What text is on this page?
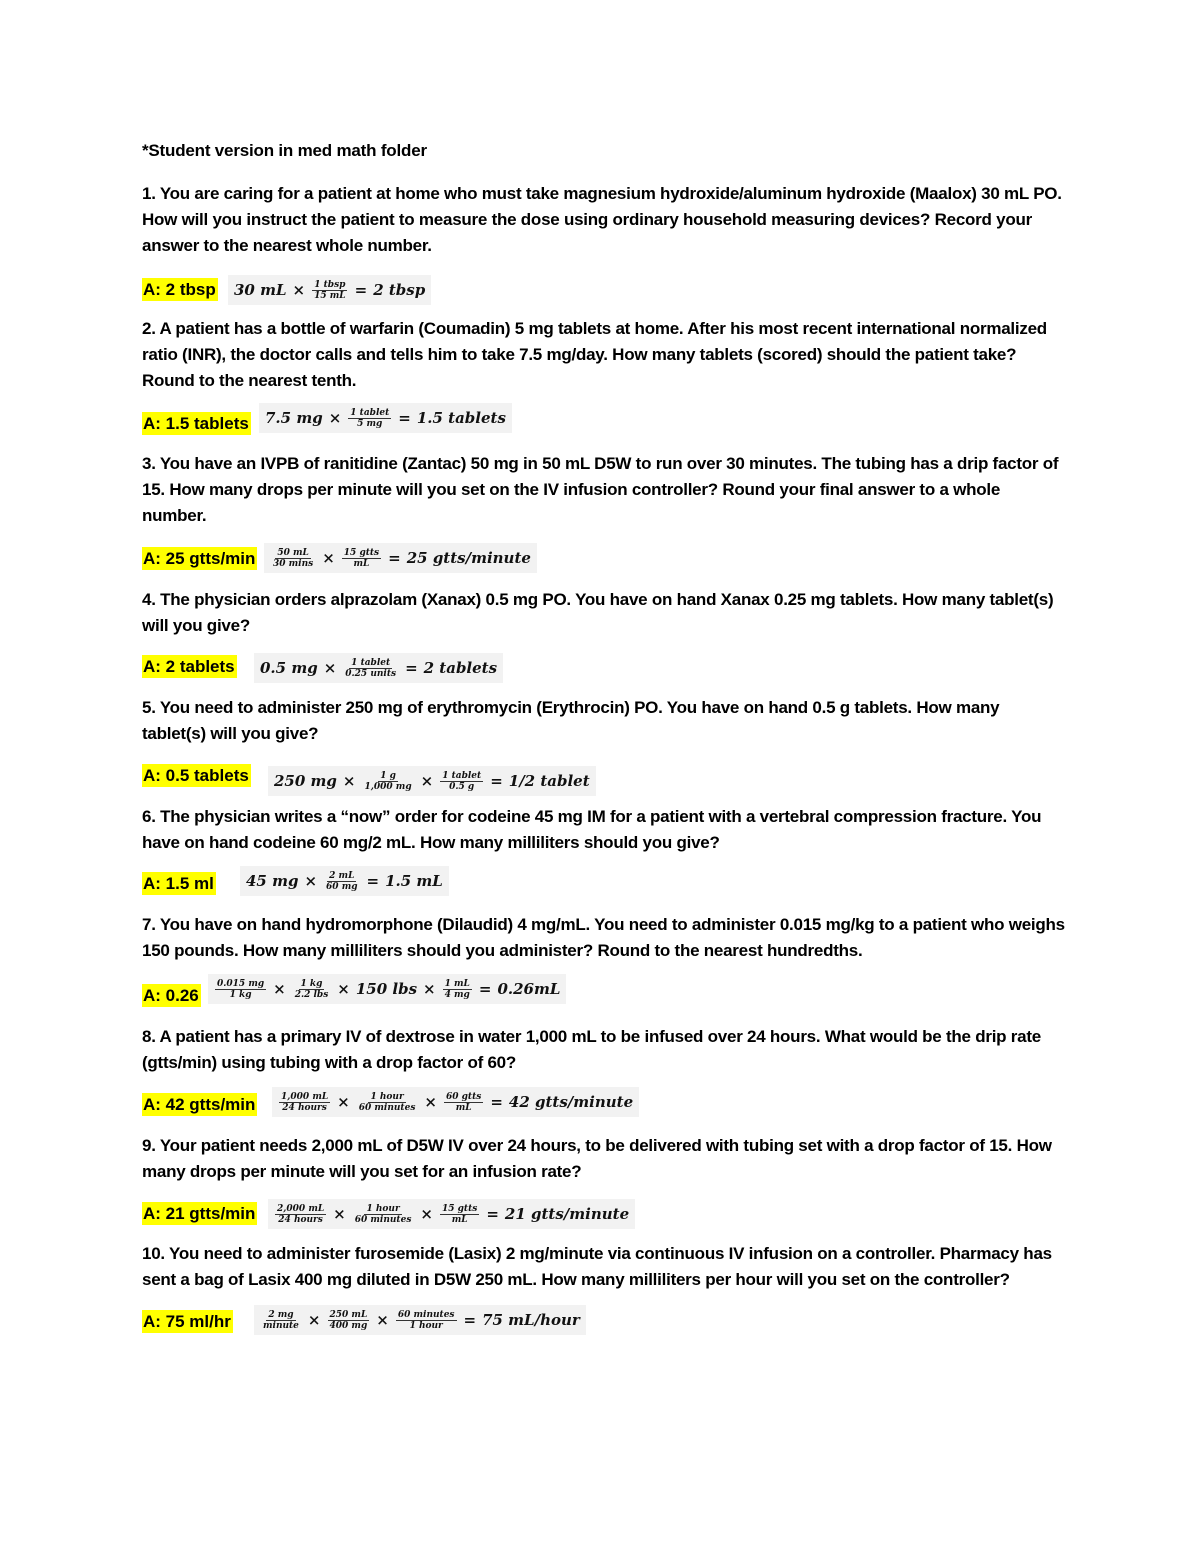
*Student version in med math folder
1. You are caring for a patient at home who must take magnesium hydroxide/aluminum hydroxide (Maalox) 30 mL PO. How will you instruct the patient to measure the dose using ordinary household measuring devices? Record your answer to the nearest whole number.
A: 2 tbsp 30 mL × $\frac{\text{1 tbsp}}{15 mL} = 2$ tbsp
2. A patient has a bottle of warfarin (Coumadin) 5 mg tablets at home. After his most recent international normalized ratio (INR), the doctor calls and tells him to take 7.5 mg/day. How many tablets (scored) should the patient take? Round to the nearest tenth.
A: 1.5 tablets 7.5 mg × $\frac{\text{1 tablet}}{5 mg} = 1.5$ tablets
3. You have an IVPB of ranitidine (Zantac) 50 mg in 50 mL D5W to run over 30 minutes. The tubing has a drip factor of 15. How many drops per minute will you set on the IV infusion controller? Round your final answer to a whole number.
A: 25 gtts/min $\frac{50 mL}{30 \min s} \times \frac{\text{15 gtts}}{mL} = 25$ gtts/minute
4. The physician orders alprazolam (Xanax) 0.5 mg PO. You have on hand Xanax 0.25 mg tablets. How many tablet(s) will you give?
A: 2 tablets 0.5 mg × $\frac{\text{1 tablet}}{\text{0.25 units}} = 2$ tablets
5. You need to administer 250 mg of erythromycin (Erythrocin) PO. You have on hand 0.5 g tablets. How many tablet(s) will you give?
A: 0.5 tablets 250 mg × $\frac{1 g}{1,000 mg} \times \frac{\text{1 tablet}}{0.5 g} = 1/2$ tablet
6. The physician writes a “now” order for codeine 45 mg IM for a patient with a vertebral compression fracture. You have on hand codeine 60 mg/2 mL. How many milliliters should you give?
A: 1.5 ml 45 mg × $\frac{2 mL}{60 mg} = 1.5$ mL
7. You have on hand hydromorphone (Dilaudid) 4 mg/mL. You need to administer 0.015 mg/kg to a patient who weighs 150 pounds. How many milliliters should you administer? Round to the nearest hundredths.
A: $0.26 \frac{0.015 mg}{1 kg} \times \frac{1 kg}{\text{2.2 lbs}} \times 150$ lbs × $\frac{1 mL}{4 mg} = 0.26mL$
8. A patient has a primary IV of dextrose in water 1,000 mL to be infused over 24 hours. What would be the drip rate (gtts/min) using tubing with a drop factor of 60?
A: 42 gtts/min	$\frac{1,000 mL}{\text{24 hours}} \times \frac{\text{1 hour}}{\text{60 minutes}} \times \frac{\text{60 gtts}}{mL} = 42$ gtts/minute
9. Your patient needs 2,000 mL of D5W IV over 24 hours, to be delivered with tubing set with a drop factor of 15. How many drops per minute will you set for an infusion rate?
A: 21 gtts/min $\frac{2,000 mL}{\text{24 hours}} \times \frac{\text{1 hour}}{\text{60 minutes}} \times \frac{\text{15 gtts}}{mL} = 21$ gtts/minute
10. You need to administer furosemide (Lasix) 2 mg/minute via continuous IV infusion on a controller. Pharmacy has sent a bag of Lasix 400 mg diluted in D5W 250 mL. How many milliliters per hour will you set on the controller?
A: 75 ml/hr	$\frac{2 mg}{\text{minute}} \times \frac{250 mL}{400 mg} \times \frac{\text{60 minutes}}{\text{1 hour}} = 75$ mL/hour
